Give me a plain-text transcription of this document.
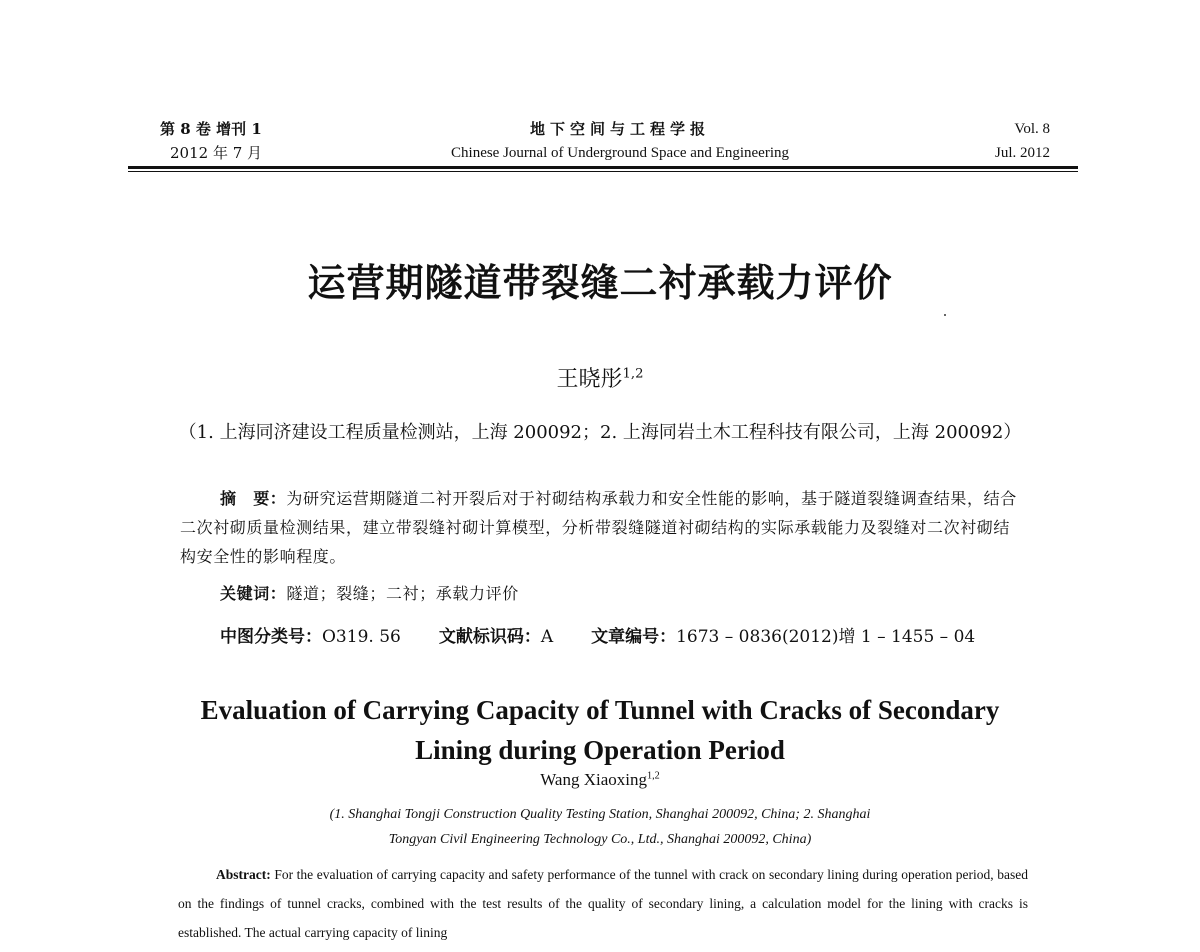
第 8 卷 增刊 1
2012 年 7 月
地下空间与工程学报
Chinese Journal of Underground Space and Engineering
Vol. 8
Jul. 2012
运营期隧道带裂缝二衬承载力评价
王晓彤$^{1,2}$
（1. 上海同济建设工程质量检测站，上海 200092；2. 上海同岩土木工程科技有限公司，上海 200092）
摘　要：为研究运营期隧道二衬开裂后对于衬砌结构承载力和安全性能的影响，基于隧道裂缝调查结果，结合二次衬砌质量检测结果，建立带裂缝衬砌计算模型，分析带裂缝隧道衬砌结构的实际承载能力及裂缝对二次衬砌结构安全性的影响程度。
关键词：隧道；裂缝；二衬；承载力评价
中图分类号：O319. 56 文献标识码：A 文章编号：1673 – 0836(2012)增 1 – 1455 – 04
Evaluation of Carrying Capacity of Tunnel with Cracks of Secondary
Lining during Operation Period
Wang Xiaoxing$^{1,2}$
(1. Shanghai Tongji Construction Quality Testing Station, Shanghai 200092, China; 2. Shanghai
Tongyan Civil Engineering Technology Co., Ltd., Shanghai 200092, China)
Abstract: For the evaluation of carrying capacity and safety performance of the tunnel with crack on secondary lining during operation period, based on the findings of tunnel cracks, combined with the test results of the quality of secondary lining, a calculation model for the lining with cracks is established. The actual carrying capacity of lining
